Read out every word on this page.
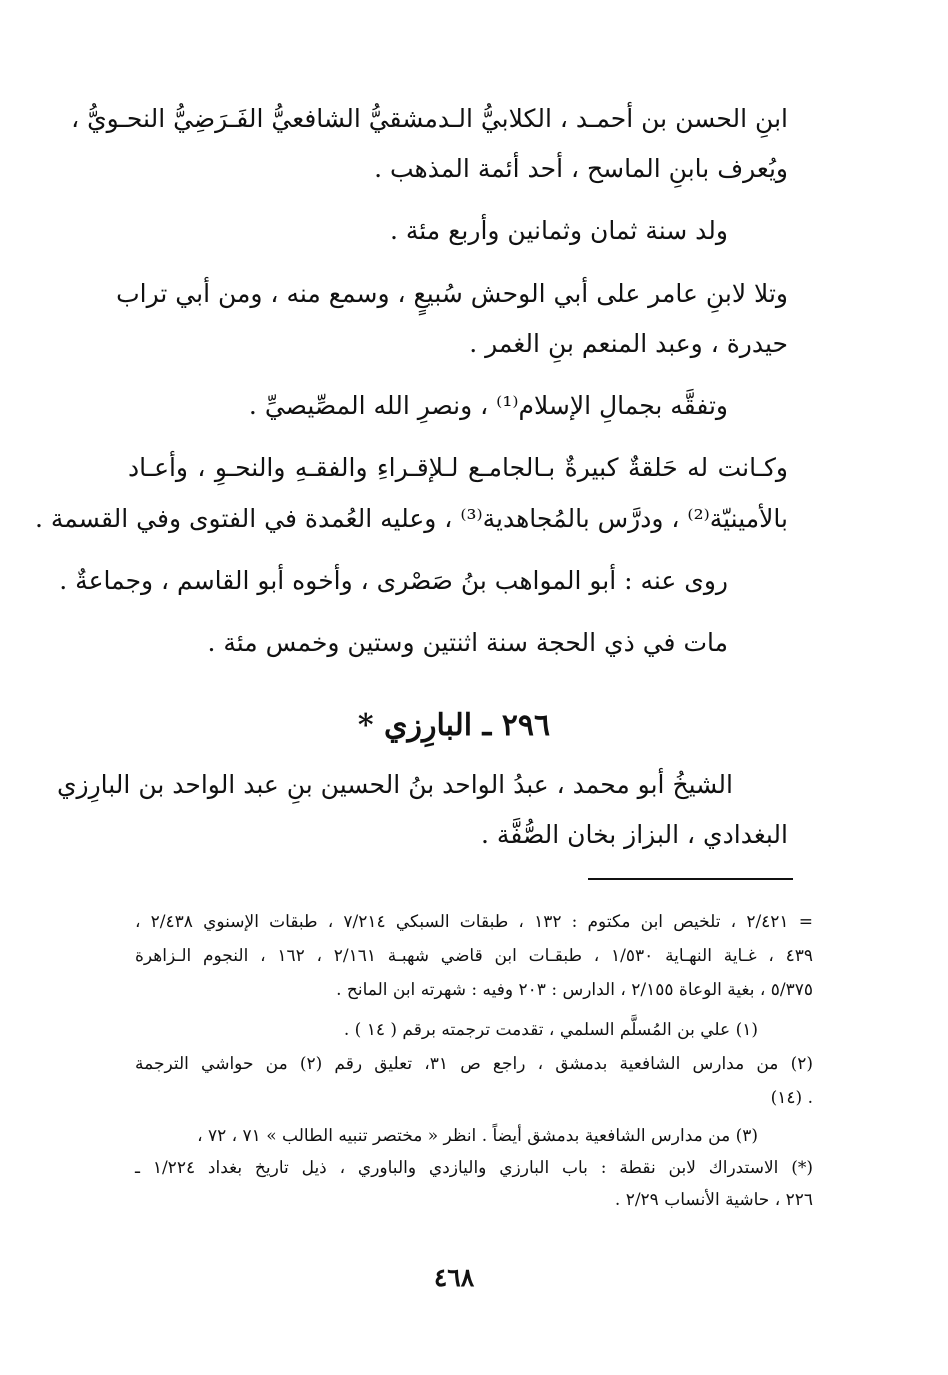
ابنِ الحسن بن أحمـد ، الكلابيُّ الـدمشقيُّ الشافعيُّ الفَـرَضِيُّ النحـويُّ ،
ويُعرف بابنِ الماسح ، أحد أئمة المذهب .
ولد سنة ثمان وثمانين وأربع مئة .
وتلا لابنِ عامر على أبي الوحش سُبيعٍ ، وسمع منه ، ومن أبي تراب
حيدرة ، وعبد المنعم بنِ الغمر .
وتفقَّه بجمالِ الإسلام⁽¹⁾ ، ونصرِ الله المصِّيصيِّ .
وكـانت له حَلقةٌ كبيرةٌ بـالجامـع لـلإقـراءِ والفقـهِ والنحـوِ ، وأعـاد
بالأمينيّة⁽²⁾ ، ودرَّس بالمُجاهدية⁽³⁾ ، وعليه العُمدة في الفتوى وفي القسمة .
روى عنه : أبو المواهب بنُ صَصْرى ، وأخوه أبو القاسم ، وجماعةٌ .
مات في ذي الحجة سنة اثنتين وستين وخمس مئة .
٢٩٦ ـ البارِزي *
الشيخُ أبو محمد ، عبدُ الواحد بنُ الحسين بنِ عبد الواحد بن البارِزي
البغدادي ، البزاز بخان الصُّفَّة .
= ٢/٤٢١ ، تلخيص ابن مكتوم : ١٣٢ ، طبقات السبكي ٧/٢١٤ ، طبقات الإسنوي ٢/٤٣٨ ،
٤٣٩ ، غـاية النهـاية ١/٥٣٠ ، طبقـات ابن قاضي شهبـة ٢/١٦١ ، ١٦٢ ، النجوم الـزاهرة
٥/٣٧٥ ، بغية الوعاة ٢/١٥٥ ، الدارس : ٢٠٣ وفيه : شهرته ابن المانح .
(١) علي بن المُسلَّم السلمي ، تقدمت ترجمته برقم ( ١٤ ) .
(٢) من مدارس الشافعية بدمشق ، راجع ص ٣١، تعليق رقم (٢) من حواشي الترجمة
(١٤) .
(٣) من مدارس الشافعية بدمشق أيضاً . انظر « مختصر تنبيه الطالب » ٧١ ، ٧٢ ،
(*) الاستدراك لابن نقطة : باب البارزي واليازدي والباوري ، ذيل تاريخ بغداد ١/٢٢٤ ـ
٢٢٦ ، حاشية الأنساب ٢/٢٩ .
٤٦٨
